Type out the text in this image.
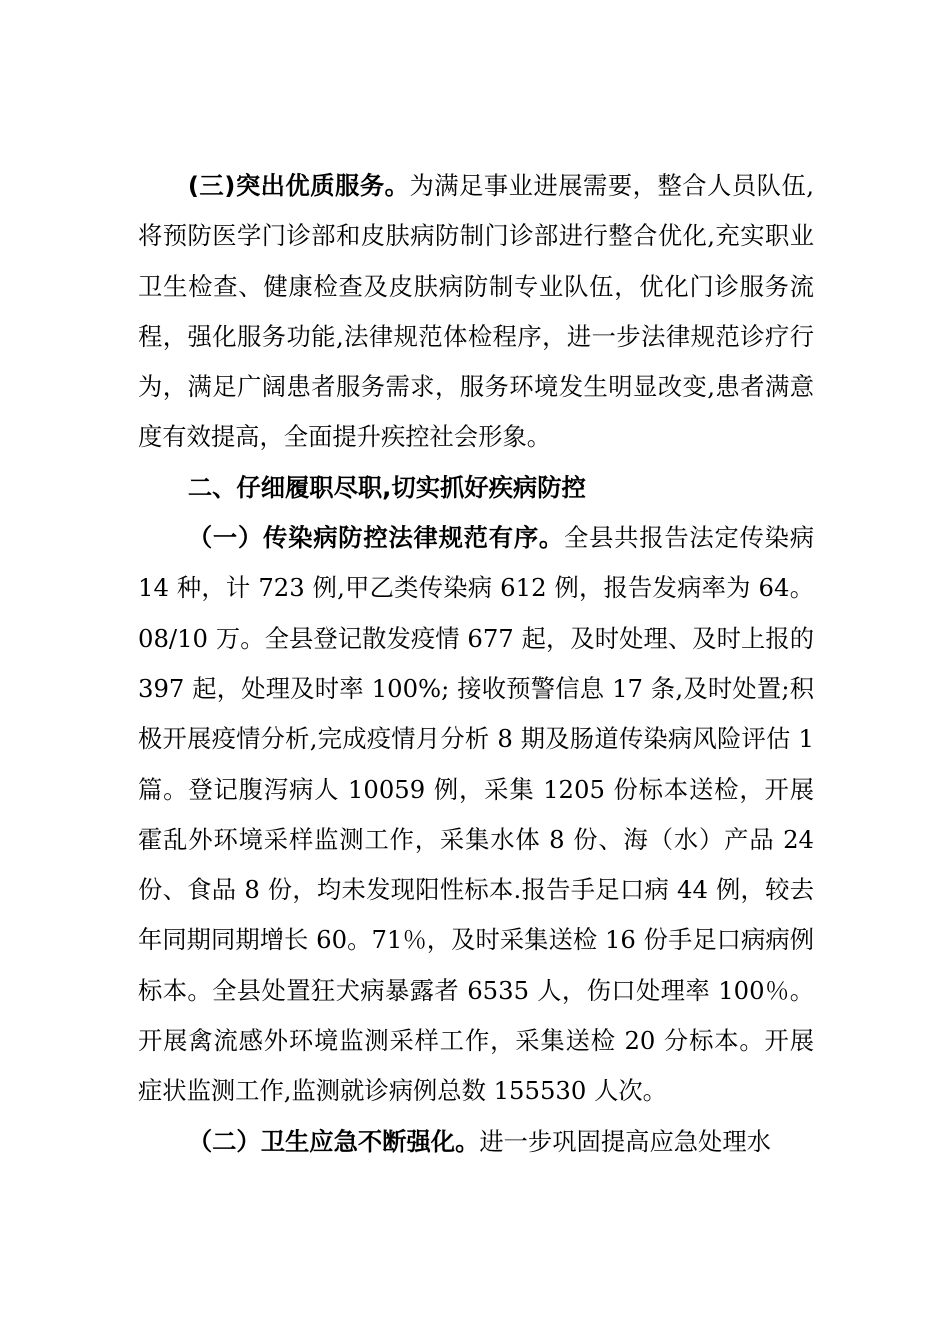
(三)突出优质服务。为满足事业进展需要，整合人员队伍,将预防医学门诊部和皮肤病防制门诊部进行整合优化,充实职业卫生检查、健康检查及皮肤病防制专业队伍，优化门诊服务流程，强化服务功能,法律规范体检程序，进一步法律规范诊疗行为，满足广阔患者服务需求，服务环境发生明显改变,患者满意度有效提高，全面提升疾控社会形象。

二、仔细履职尽职,切实抓好疾病防控

（一）传染病防控法律规范有序。全县共报告法定传染病 14 种，计 723 例,甲乙类传染病 612 例，报告发病率为 64。08/10 万。全县登记散发疫情 677 起，及时处理、及时上报的 397 起，处理及时率 100%; 接收预警信息 17 条,及时处置;积极开展疫情分析,完成疫情月分析 8 期及肠道传染病风险评估 1 篇。登记腹泻病人 10059 例，采集 1205 份标本送检，开展霍乱外环境采样监测工作，采集水体 8 份、海（水）产品 24 份、食品 8 份，均未发现阳性标本.报告手足口病 44 例，较去年同期同期增长 60。71％，及时采集送检 16 份手足口病病例标本。全县处置狂犬病暴露者 6535 人，伤口处理率 100％。开展禽流感外环境监测采样工作，采集送检 20 分标本。开展症状监测工作,监测就诊病例总数 155530 人次。

（二）卫生应急不断强化。进一步巩固提高应急处理水
